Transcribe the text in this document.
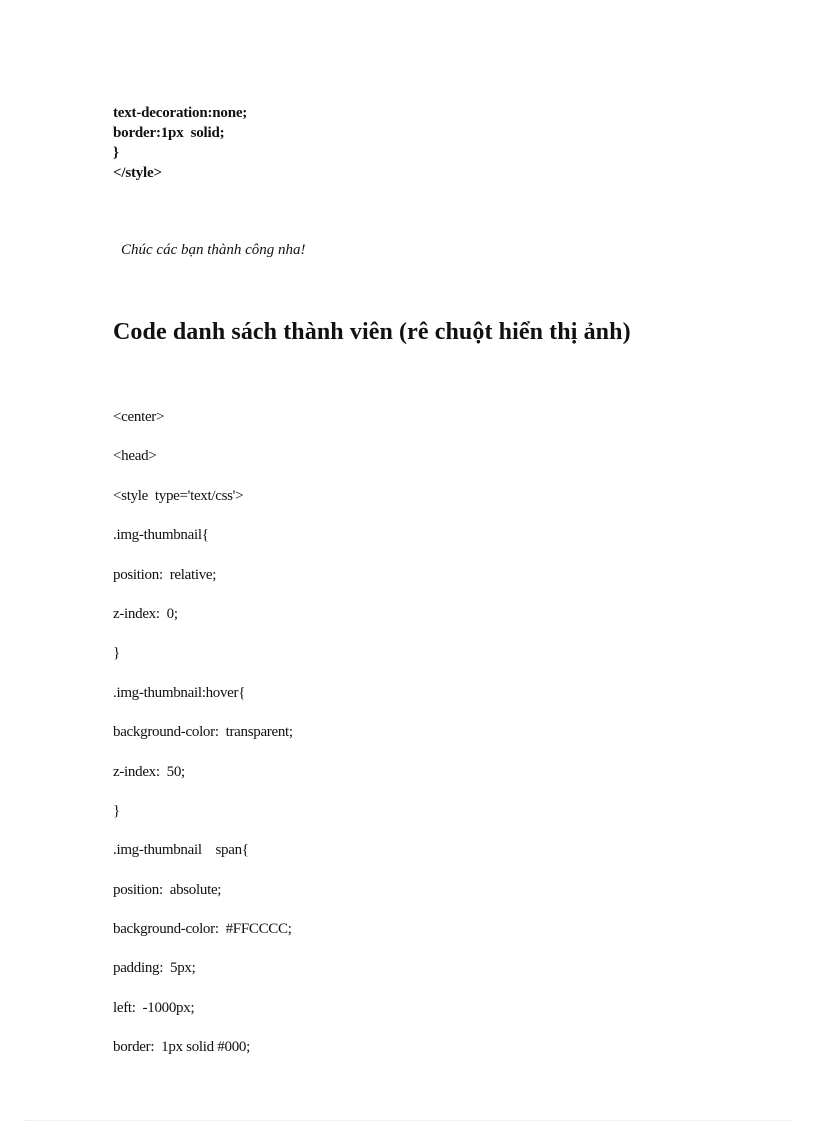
text-decoration:none;
border:1px  solid;
}
</style>
Chúc các bạn thành công nha!
Code danh sách thành viên (rê chuột hiển thị ảnh)
<center>
<head>
<style  type='text/css'>
.img-thumbnail{
position:  relative;
z-index:  0;
}
.img-thumbnail:hover{
background-color:  transparent;
z-index:  50;
}
.img-thumbnail    span{
position:  absolute;
background-color:  #FFCCCC;
padding:  5px;
left:  -1000px;
border:  1px solid #000;
